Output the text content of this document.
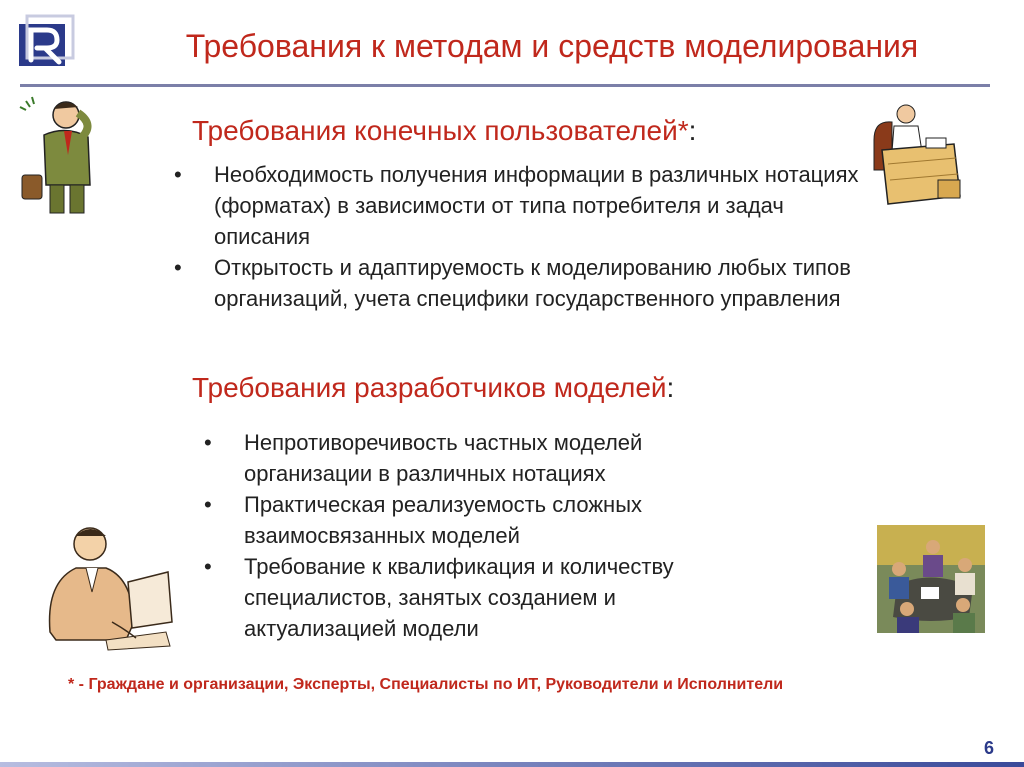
Требования к методам и средств моделирования
Требования конечных пользователей*:
• Необходимость получения информации в различных нотациях (форматах) в зависимости от типа потребителя и задач описания
• Открытость и адаптируемость к моделированию любых типов организаций, учета специфики государственного управления
Требования разработчиков моделей:
• Непротиворечивость частных моделей организации в различных нотациях
• Практическая реализуемость сложных взаимосвязанных моделей
• Требование к квалификация и количеству специалистов, занятых созданием и актуализацией модели
* - Граждане и организации, Эксперты, Специалисты по ИТ, Руководители и Исполнители
6
